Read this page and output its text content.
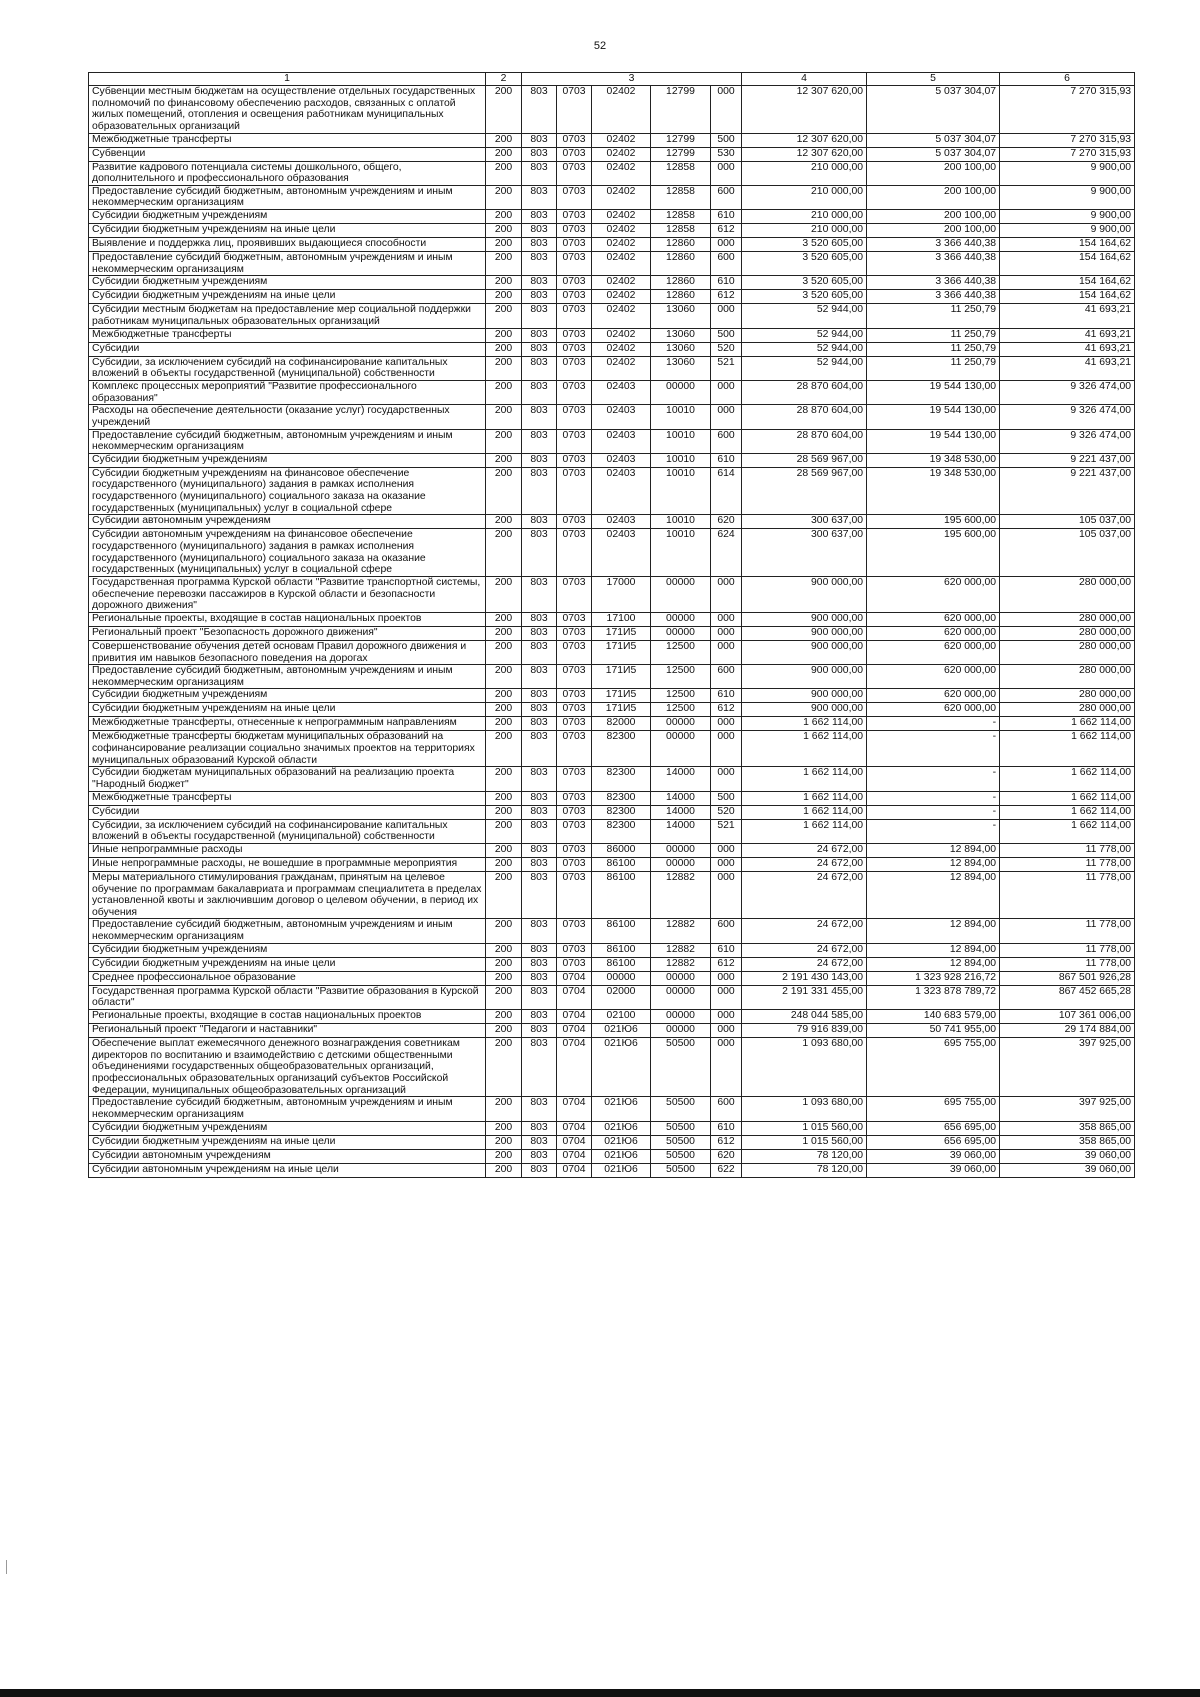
52
1	2	3					4	5	6
Субвенции местным бюджетам на осуществление отдельных государственных полномочий по финансовому обеспечению расходов, связанных с оплатой жилых помещений, отопления и освещения работникам муниципальных образовательных организаций	200	803	0703	02402	12799	000	12 307 620,00	5 037 304,07	7 270 315,93
Межбюджетные трансферты	200	803	0703	02402	12799	500	12 307 620,00	5 037 304,07	7 270 315,93
Субвенции	200	803	0703	02402	12799	530	12 307 620,00	5 037 304,07	7 270 315,93
Развитие кадрового потенциала системы дошкольного, общего, дополнительного и профессионального образования	200	803	0703	02402	12858	000	210 000,00	200 100,00	9 900,00
Предоставление субсидий бюджетным, автономным учреждениям и иным некоммерческим организациям	200	803	0703	02402	12858	600	210 000,00	200 100,00	9 900,00
Субсидии бюджетным учреждениям	200	803	0703	02402	12858	610	210 000,00	200 100,00	9 900,00
Субсидии бюджетным учреждениям на иные цели	200	803	0703	02402	12858	612	210 000,00	200 100,00	9 900,00
Выявление и поддержка лиц, проявивших выдающиеся способности	200	803	0703	02402	12860	000	3 520 605,00	3 366 440,38	154 164,62
Предоставление субсидий бюджетным, автономным учреждениям и иным некоммерческим организациям	200	803	0703	02402	12860	600	3 520 605,00	3 366 440,38	154 164,62
Субсидии бюджетным учреждениям	200	803	0703	02402	12860	610	3 520 605,00	3 366 440,38	154 164,62
Субсидии бюджетным учреждениям на иные цели	200	803	0703	02402	12860	612	3 520 605,00	3 366 440,38	154 164,62
Субсидии местным бюджетам на предоставление мер социальной поддержки работникам муниципальных образовательных организаций	200	803	0703	02402	13060	000	52 944,00	11 250,79	41 693,21
Межбюджетные трансферты	200	803	0703	02402	13060	500	52 944,00	11 250,79	41 693,21
Субсидии	200	803	0703	02402	13060	520	52 944,00	11 250,79	41 693,21
Субсидии, за исключением субсидий на софинансирование капитальных вложений в объекты государственной (муниципальной) собственности	200	803	0703	02402	13060	521	52 944,00	11 250,79	41 693,21
Комплекс процессных мероприятий "Развитие профессионального образования"	200	803	0703	02403	00000	000	28 870 604,00	19 544 130,00	9 326 474,00
Расходы на обеспечение деятельности (оказание услуг) государственных учреждений	200	803	0703	02403	10010	000	28 870 604,00	19 544 130,00	9 326 474,00
Предоставление субсидий бюджетным, автономным учреждениям и иным некоммерческим организациям	200	803	0703	02403	10010	600	28 870 604,00	19 544 130,00	9 326 474,00
Субсидии бюджетным учреждениям	200	803	0703	02403	10010	610	28 569 967,00	19 348 530,00	9 221 437,00
Субсидии бюджетным учреждениям на финансовое обеспечение государственного (муниципального) задания в рамках исполнения государственного (муниципального) социального заказа на оказание государственных (муниципальных) услуг в социальной сфере	200	803	0703	02403	10010	614	28 569 967,00	19 348 530,00	9 221 437,00
Субсидии автономным учреждениям	200	803	0703	02403	10010	620	300 637,00	195 600,00	105 037,00
Субсидии автономным учреждениям на финансовое обеспечение государственного (муниципального) задания в рамках исполнения государственного (муниципального) социального заказа на оказание государственных (муниципальных) услуг в социальной сфере	200	803	0703	02403	10010	624	300 637,00	195 600,00	105 037,00
Государственная программа Курской области "Развитие транспортной системы, обеспечение перевозки пассажиров в Курской области и безопасности дорожного движения"	200	803	0703	17000	00000	000	900 000,00	620 000,00	280 000,00
Региональные проекты, входящие в состав национальных проектов	200	803	0703	17100	00000	000	900 000,00	620 000,00	280 000,00
Региональный проект "Безопасность дорожного движения"	200	803	0703	171И5	00000	000	900 000,00	620 000,00	280 000,00
Совершенствование обучения детей основам Правил дорожного движения и привития им навыков безопасного поведения на дорогах	200	803	0703	171И5	12500	000	900 000,00	620 000,00	280 000,00
Предоставление субсидий бюджетным, автономным учреждениям и иным некоммерческим организациям	200	803	0703	171И5	12500	600	900 000,00	620 000,00	280 000,00
Субсидии бюджетным учреждениям	200	803	0703	171И5	12500	610	900 000,00	620 000,00	280 000,00
Субсидии бюджетным учреждениям на иные цели	200	803	0703	171И5	12500	612	900 000,00	620 000,00	280 000,00
Межбюджетные трансферты, отнесенные к непрограммным направлениям	200	803	0703	82000	00000	000	1 662 114,00	-	1 662 114,00
Межбюджетные трансферты бюджетам муниципальных образований на софинансирование реализации социально значимых проектов на территориях муниципальных образований Курской области	200	803	0703	82300	00000	000	1 662 114,00	-	1 662 114,00
Субсидии бюджетам муниципальных образований на реализацию проекта "Народный бюджет"	200	803	0703	82300	14000	000	1 662 114,00	-	1 662 114,00
Межбюджетные трансферты	200	803	0703	82300	14000	500	1 662 114,00	-	1 662 114,00
Субсидии	200	803	0703	82300	14000	520	1 662 114,00	-	1 662 114,00
Субсидии, за исключением субсидий на софинансирование капитальных вложений в объекты государственной (муниципальной) собственности	200	803	0703	82300	14000	521	1 662 114,00	-	1 662 114,00
Иные непрограммные расходы	200	803	0703	86000	00000	000	24 672,00	12 894,00	11 778,00
Иные непрограммные расходы, не вошедшие в программные мероприятия	200	803	0703	86100	00000	000	24 672,00	12 894,00	11 778,00
Меры материального стимулирования гражданам, принятым на целевое обучение по программам бакалавриата и программам специалитета в пределах установленной квоты и заключившим договор о целевом обучении, в период их обучения	200	803	0703	86100	12882	000	24 672,00	12 894,00	11 778,00
Предоставление субсидий бюджетным, автономным учреждениям и иным некоммерческим организациям	200	803	0703	86100	12882	600	24 672,00	12 894,00	11 778,00
Субсидии бюджетным учреждениям	200	803	0703	86100	12882	610	24 672,00	12 894,00	11 778,00
Субсидии бюджетным учреждениям на иные цели	200	803	0703	86100	12882	612	24 672,00	12 894,00	11 778,00
Среднее профессиональное образование	200	803	0704	00000	00000	000	2 191 430 143,00	1 323 928 216,72	867 501 926,28
Государственная программа Курской области "Развитие образования в Курской области"	200	803	0704	02000	00000	000	2 191 331 455,00	1 323 878 789,72	867 452 665,28
Региональные проекты, входящие в состав национальных проектов	200	803	0704	02100	00000	000	248 044 585,00	140 683 579,00	107 361 006,00
Региональный проект "Педагоги и наставники"	200	803	0704	021Ю6	00000	000	79 916 839,00	50 741 955,00	29 174 884,00
Обеспечение выплат ежемесячного денежного вознаграждения советникам директоров по воспитанию и взаимодействию с детскими общественными объединениями государственных общеобразовательных организаций, профессиональных образовательных организаций субъектов Российской Федерации, муниципальных общеобразовательных организаций	200	803	0704	021Ю6	50500	000	1 093 680,00	695 755,00	397 925,00
Предоставление субсидий бюджетным, автономным учреждениям и иным некоммерческим организациям	200	803	0704	021Ю6	50500	600	1 093 680,00	695 755,00	397 925,00
Субсидии бюджетным учреждениям	200	803	0704	021Ю6	50500	610	1 015 560,00	656 695,00	358 865,00
Субсидии бюджетным учреждениям на иные цели	200	803	0704	021Ю6	50500	612	1 015 560,00	656 695,00	358 865,00
Субсидии автономным учреждениям	200	803	0704	021Ю6	50500	620	78 120,00	39 060,00	39 060,00
Субсидии автономным учреждениям на иные цели	200	803	0704	021Ю6	50500	622	78 120,00	39 060,00	39 060,00
